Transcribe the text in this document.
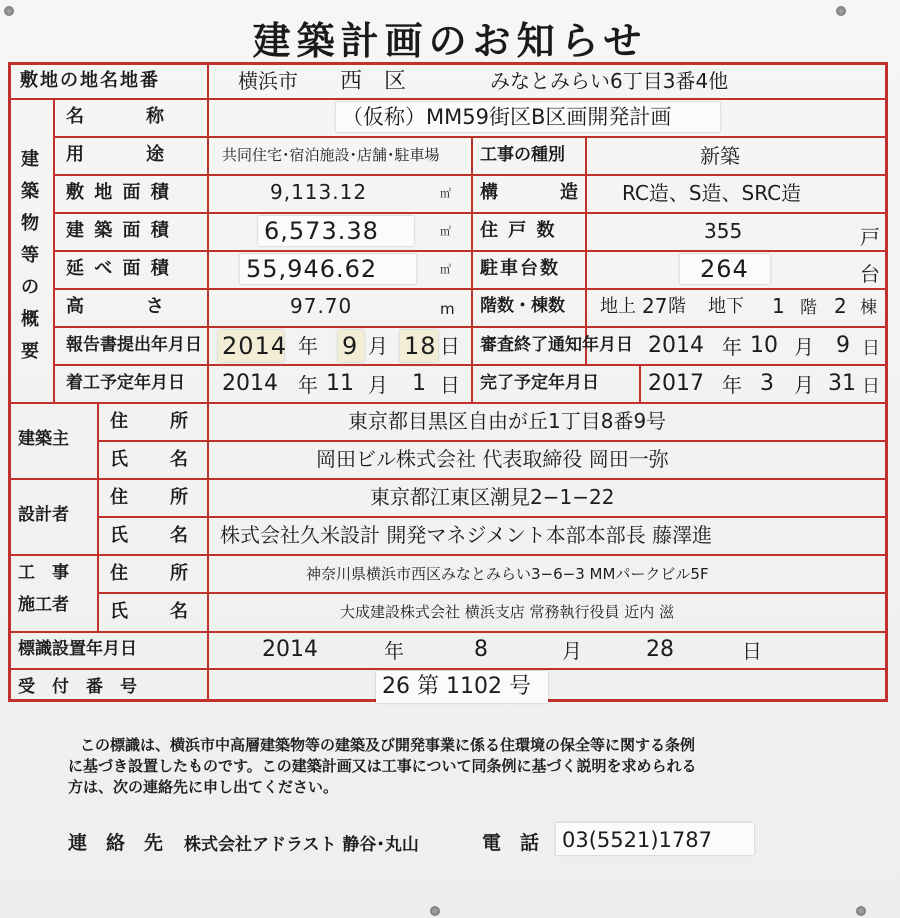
建築計画のお知らせ
敷地の地名地番	横浜市 西　区	みなとみらい6丁目3番4他
建築物等の概要
名　　　称	（仮称）MM59街区B区画開発計画
用　　　途	共同住宅･宿泊施設･店舗･駐車場 工事の種別	新築
敷 地 面 積	9,113.12	㎡ 構　　　造 RC造、S造、SRC造
建 築 面 積	6,573.38	㎡ 住 戸 数	355	戸
延 べ 面 積	55,946.62	㎡ 駐車台数	264	台
高　　　さ	97.70	m 階数・棟数 地上 27 階 地下 1 階 2 棟
報告書提出年月日 2014 年 9 月 18 日 審査終了通知年月日 2014 年 10 月 9 日
着工予定年月日 2014 年 11 月 1 日 完了予定年月日 2017 年 3 月 31 日
建築主
住　　所	東京都目黒区自由が丘1丁目8番9号
氏　　名	岡田ビル株式会社 代表取締役 岡田一弥
設計者
住　　所	東京都江東区潮見2−1−22
氏　　名 株式会社久米設計 開発マネジメント本部本部長 藤澤進
工　事
施工者
住　　所	神奈川県横浜市西区みなとみらい3−6−3 MMパークビル5F
氏　　名	大成建設株式会社 横浜支店 常務執行役員 近内 滋
標識設置年月日	2014	年	8	月	28	日
受　付　番　号	26 第 1102 号
この標識は、横浜市中高層建築物等の建築及び開発事業に係る住環境の保全等に関する条例
に基づき設置したものです。この建築計画又は工事について同条例に基づく説明を求められる
方は、次の連絡先に申し出てください。
連　絡　先 株式会社アドラスト 静谷･丸山	電　話 03(5521)1787
